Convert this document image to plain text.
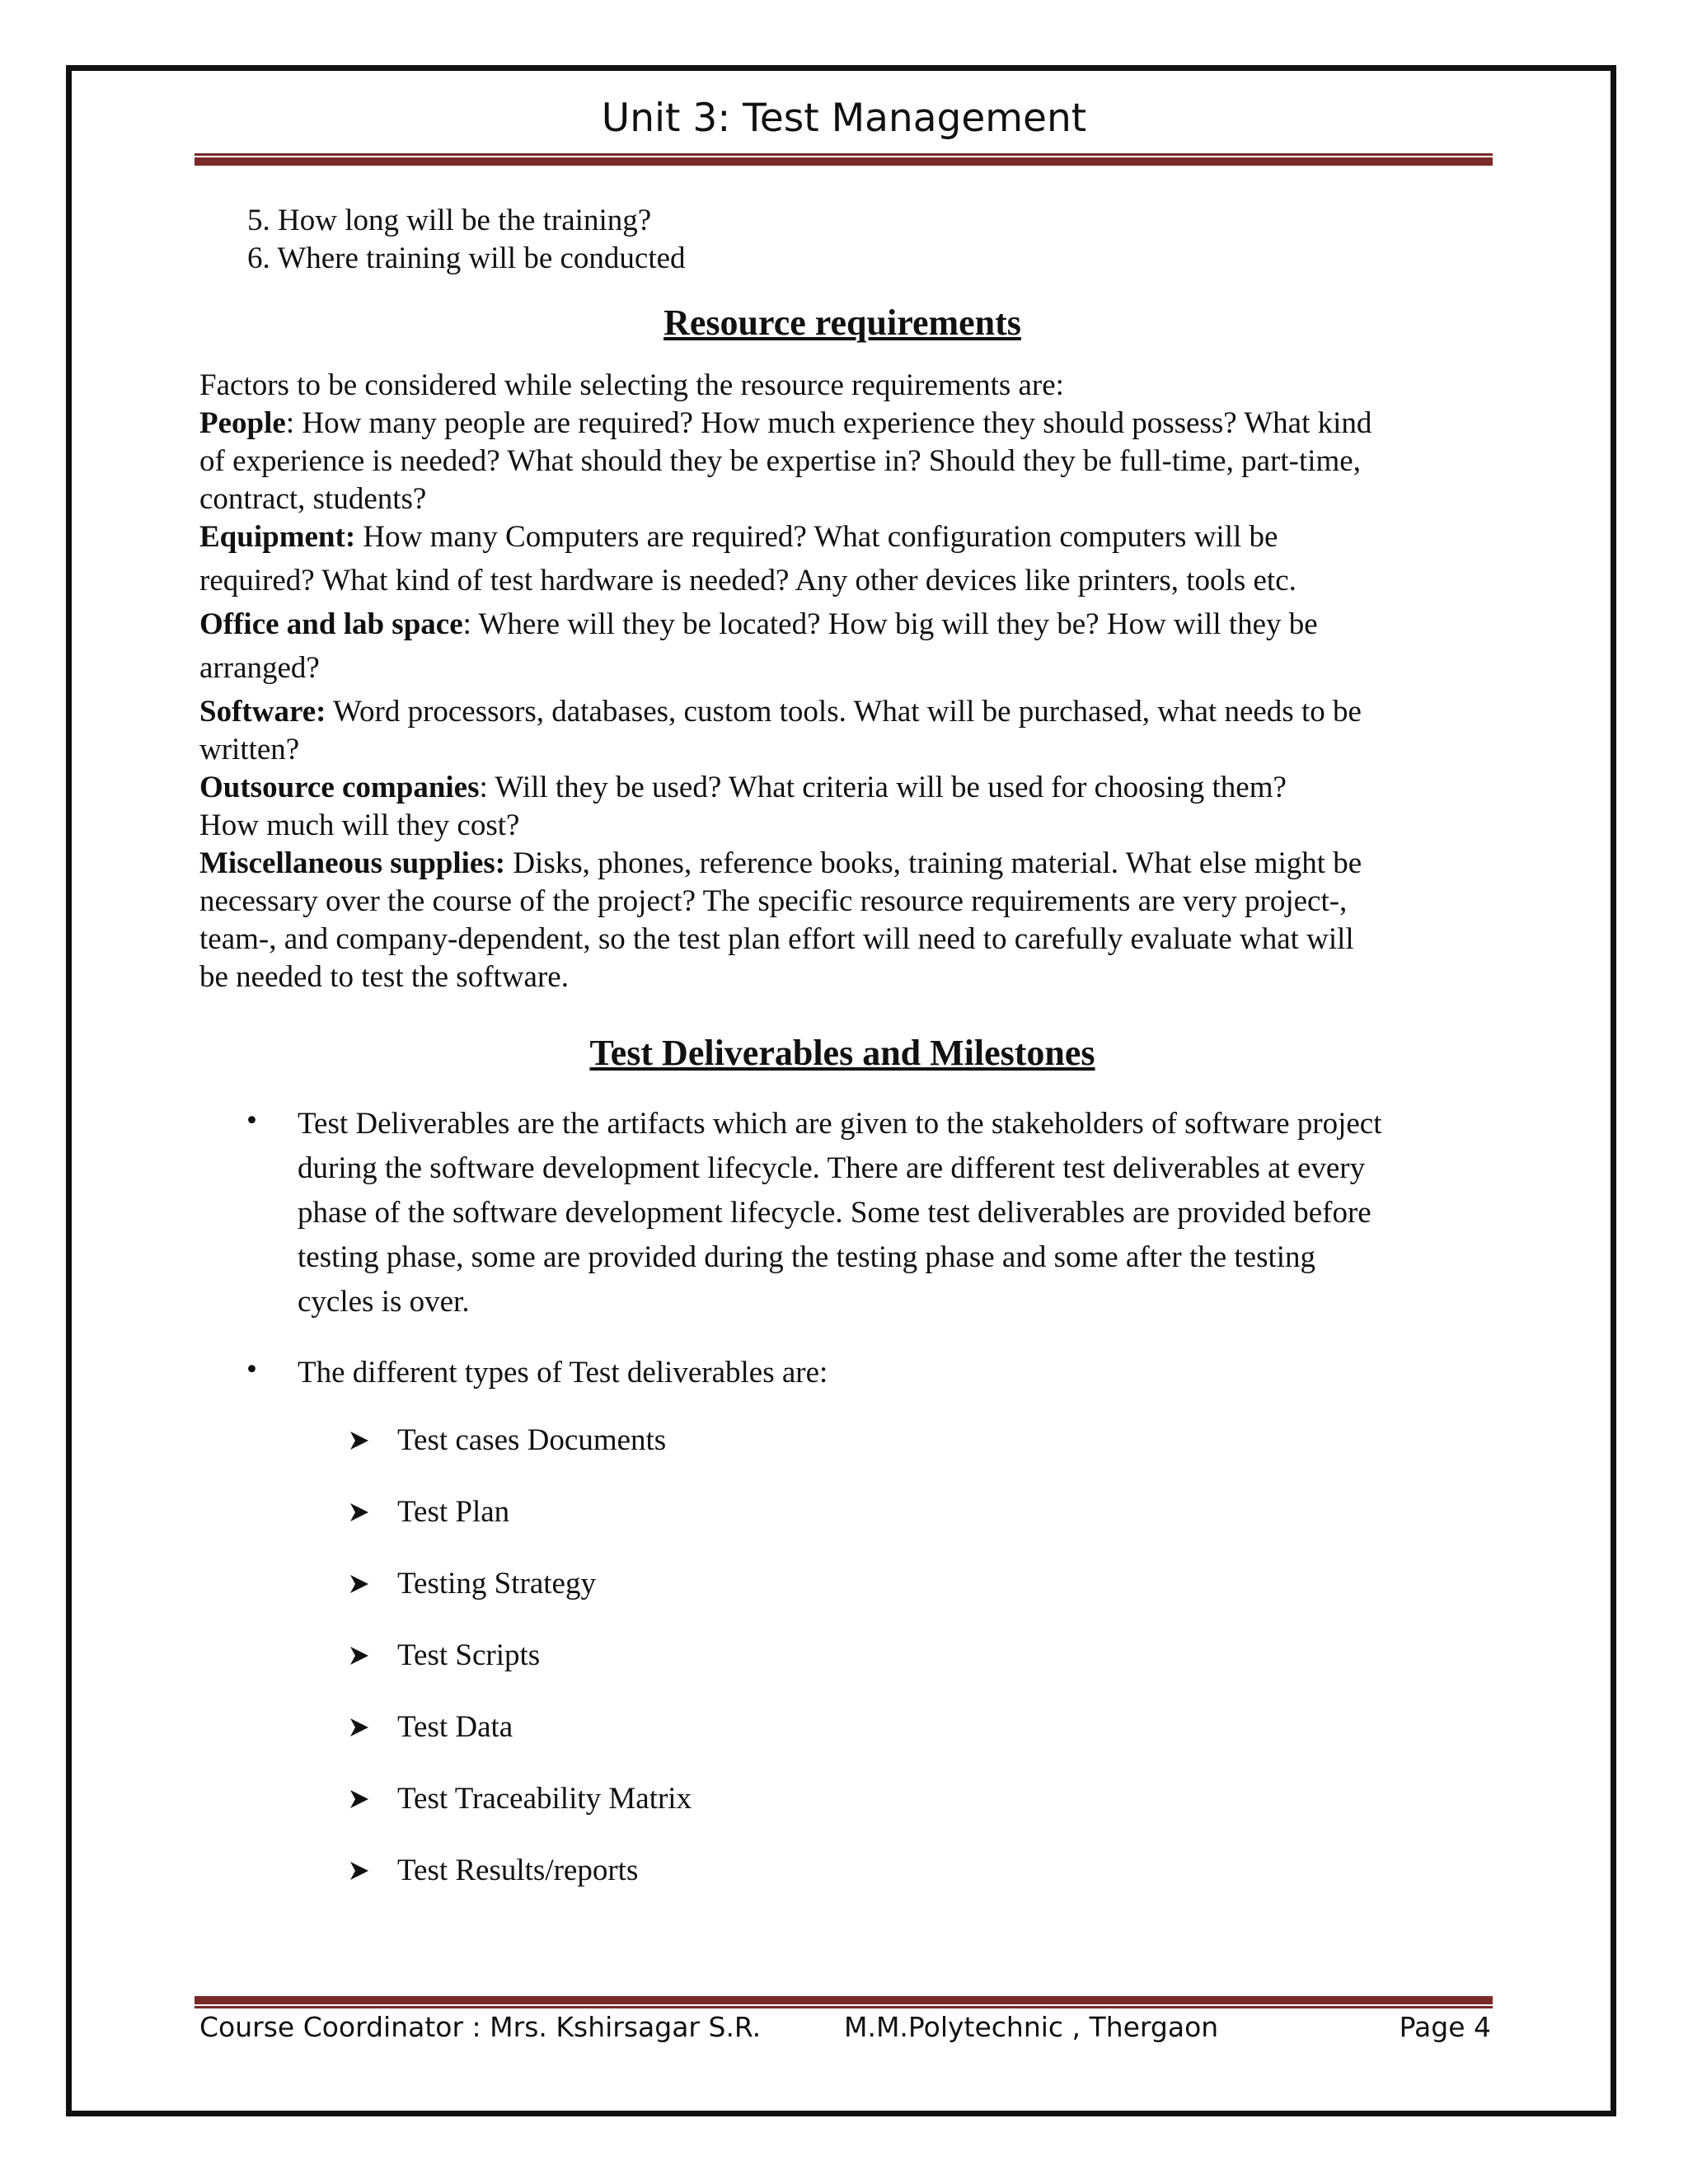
Unit 3: Test Management
5. How long will be the training?
6. Where training will be conducted
Resource requirements
Factors to be considered while selecting the resource requirements are:
People: How many people are required? How much experience they should possess? What kind
of experience is needed? What should they be expertise in? Should they be full-time, part-time,
contract, students?
Equipment: How many Computers are required? What configuration computers will be
required? What kind of test hardware is needed? Any other devices like printers, tools etc.
Office and lab space: Where will they be located? How big will they be? How will they be
arranged?
Software: Word processors, databases, custom tools. What will be purchased, what needs to be
written?
Outsource companies: Will they be used? What criteria will be used for choosing them?
How much will they cost?
Miscellaneous supplies: Disks, phones, reference books, training material. What else might be
necessary over the course of the project? The specific resource requirements are very project-,
team-, and company-dependent, so the test plan effort will need to carefully evaluate what will
be needed to test the software.
Test Deliverables and Milestones
• Test Deliverables are the artifacts which are given to the stakeholders of software project
during the software development lifecycle. There are different test deliverables at every
phase of the software development lifecycle. Some test deliverables are provided before
testing phase, some are provided during the testing phase and some after the testing
cycles is over.
• The different types of Test deliverables are:
Test cases Documents
Test Plan
Testing Strategy
Test Scripts
Test Data
Test Traceability Matrix
Test Results/reports
Course Coordinator : Mrs. Kshirsagar S.R.	M.M.Polytechnic , Thergaon	Page 4
